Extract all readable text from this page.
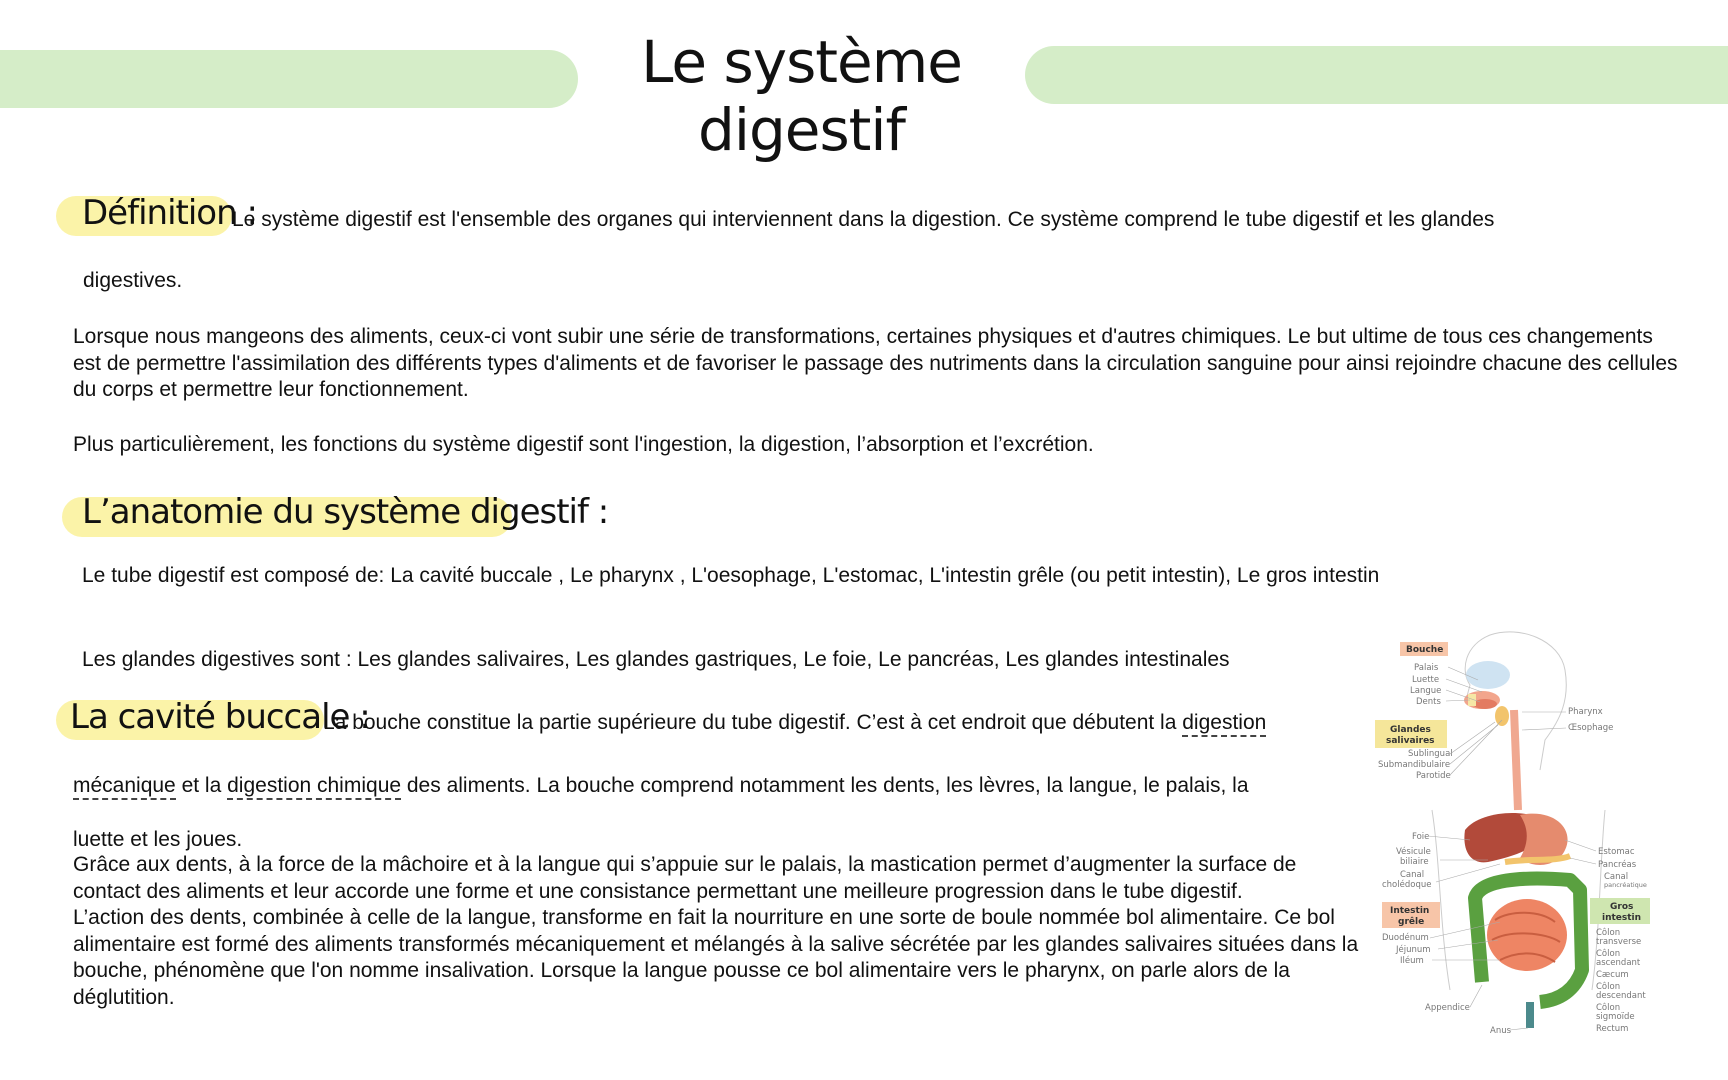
Le système digestif
Définition :
Le système digestif est l'ensemble des organes qui interviennent dans la digestion. Ce système comprend le tube digestif et les glandes
digestives.
Lorsque nous mangeons des aliments, ceux-ci vont subir une série de transformations, certaines physiques et d'autres chimiques. Le but ultime de tous ces changements est de permettre l'assimilation des différents types d'aliments et de favoriser le passage des nutriments dans la circulation sanguine pour ainsi rejoindre chacune des cellules du corps et permettre leur fonctionnement.
Plus particulièrement, les fonctions du système digestif sont l'ingestion, la digestion, l’absorption et l’excrétion.
L’anatomie du système digestif :
Le tube digestif est composé de: La cavité buccale , Le pharynx , L'oesophage, L'estomac, L'intestin grêle (ou petit intestin), Le gros intestin
Les glandes digestives sont : Les glandes salivaires, Les glandes gastriques, Le foie, Le pancréas, Les glandes intestinales
La cavité buccale :
La bouche constitue la partie supérieure du tube digestif. C’est à cet endroit que débutent la digestion
mécanique et la digestion chimique des aliments. La bouche comprend notamment les dents, les lèvres, la langue, le palais, la
luette et les joues.
Grâce aux dents, à la force de la mâchoire et à la langue qui s’appuie sur le palais, la mastication permet d’augmenter la surface de contact des aliments et leur accorde une forme et une consistance permettant une meilleure progression dans le tube digestif.
L’action des dents, combinée à celle de la langue, transforme en fait la nourriture en une sorte de boule nommée bol alimentaire. Ce bol alimentaire est formé des aliments transformés mécaniquement et mélangés à la salive sécrétée par les glandes salivaires situées dans la bouche, phénomène que l'on nomme insalivation. Lorsque la langue pousse ce bol alimentaire vers le pharynx, on parle alors de la déglutition.
Bouche
Palais
Luette
Langue
Dents
Glandes
salivaires
Sublingual
Submandibulaire
Parotide
Foie
Vésicule
biliaire
Canal
cholédoque
Intestin
grêle
Duodénum
Jéjunum
Iléum
Appendice
Anus
Pharynx
Œsophage
Estomac
Pancréas
Canal
pancréatique
Gros
intestin
Côlon
transverse
Côlon
ascendant
Cæcum
Côlon
descendant
Côlon
sigmoïde
Rectum
